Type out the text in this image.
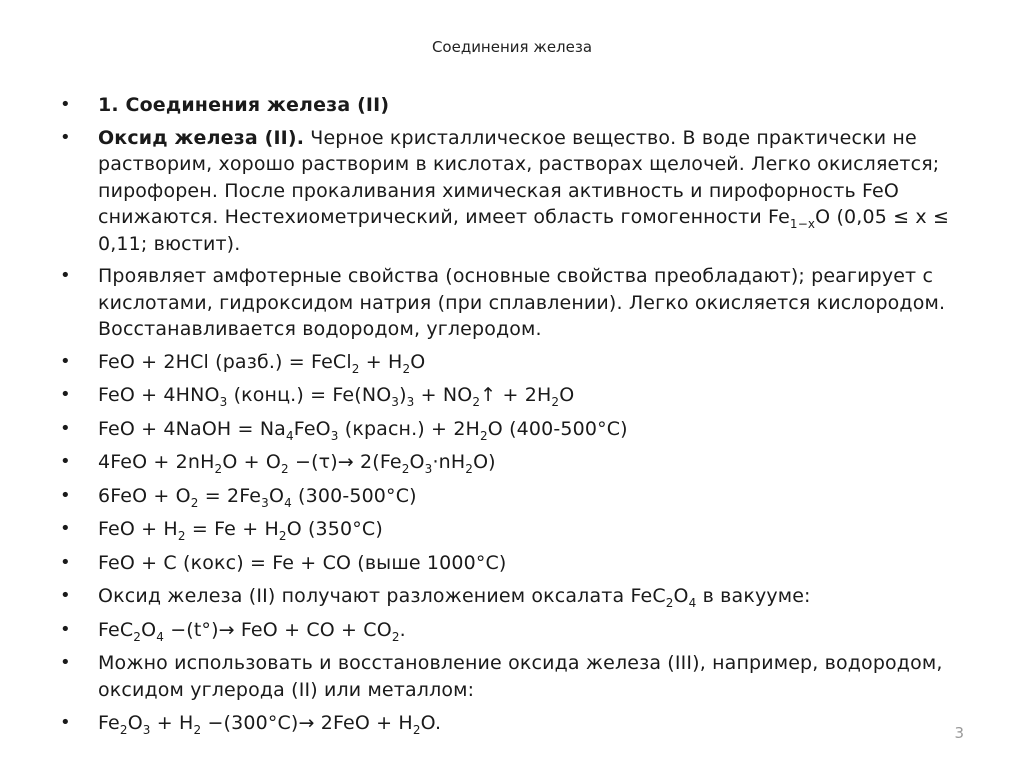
Соединения железа
• 1. Соединения железа (II)
• Оксид железа (II). Черное кристаллическое вещество. В воде практически не растворим, хорошо растворим в кислотах, растворах щелочей. Легко окисляется; пирофорен. После прокаливания химическая активность и пирофорность FeO снижаются. Нестехиометрический, имеет область гомогенности $Fe_{1-x}O$ (0,05 ≤ x ≤ 0,11; вюстит).
• Проявляет амфотерные свойства (основные свойства преобладают); реагирует с кислотами, гидроксидом натрия (при сплавлении). Легко окисляется кислородом. Восстанавливается водородом, углеродом.
• FeO + 2HCl (разб.) = FeCl$_2$ + $H_2O$
• FeO + $4HNO_3$ (конц.) = $Fe(NO_3)_3$ + $NO_2↑ + 2H_2O$
• FeO + 4NaOH = $Na_4FeO_3$ (красн.) + $2H_2O$ (400-500°C)
• $4FeO + 2nH_2O + O_2 -(\tau)\to 2(Fe_2O_3\cdot nH_2O)$
• $6FeO + O_2 = 2Fe_3O_4$ (300-500°C)
• FeO + $H_2 = Fe + H_2O$ (350°C)
• FeO + C (кокс) = Fe + CO (выше 1000°C)
• Оксид железа (II) получают разложением оксалата $FeC_2O_4$ в вакууме:
• $FeC_2O_4 -(t^\circ)\to$ FeO + CO + $CO_2$.
• Можно использовать и восстановление оксида железа (III), например, водородом, оксидом углерода (II) или металлом:
• $Fe_2O_3 + H_2 -(300^\circ C)\to 2FeO + H_2O$.	3
